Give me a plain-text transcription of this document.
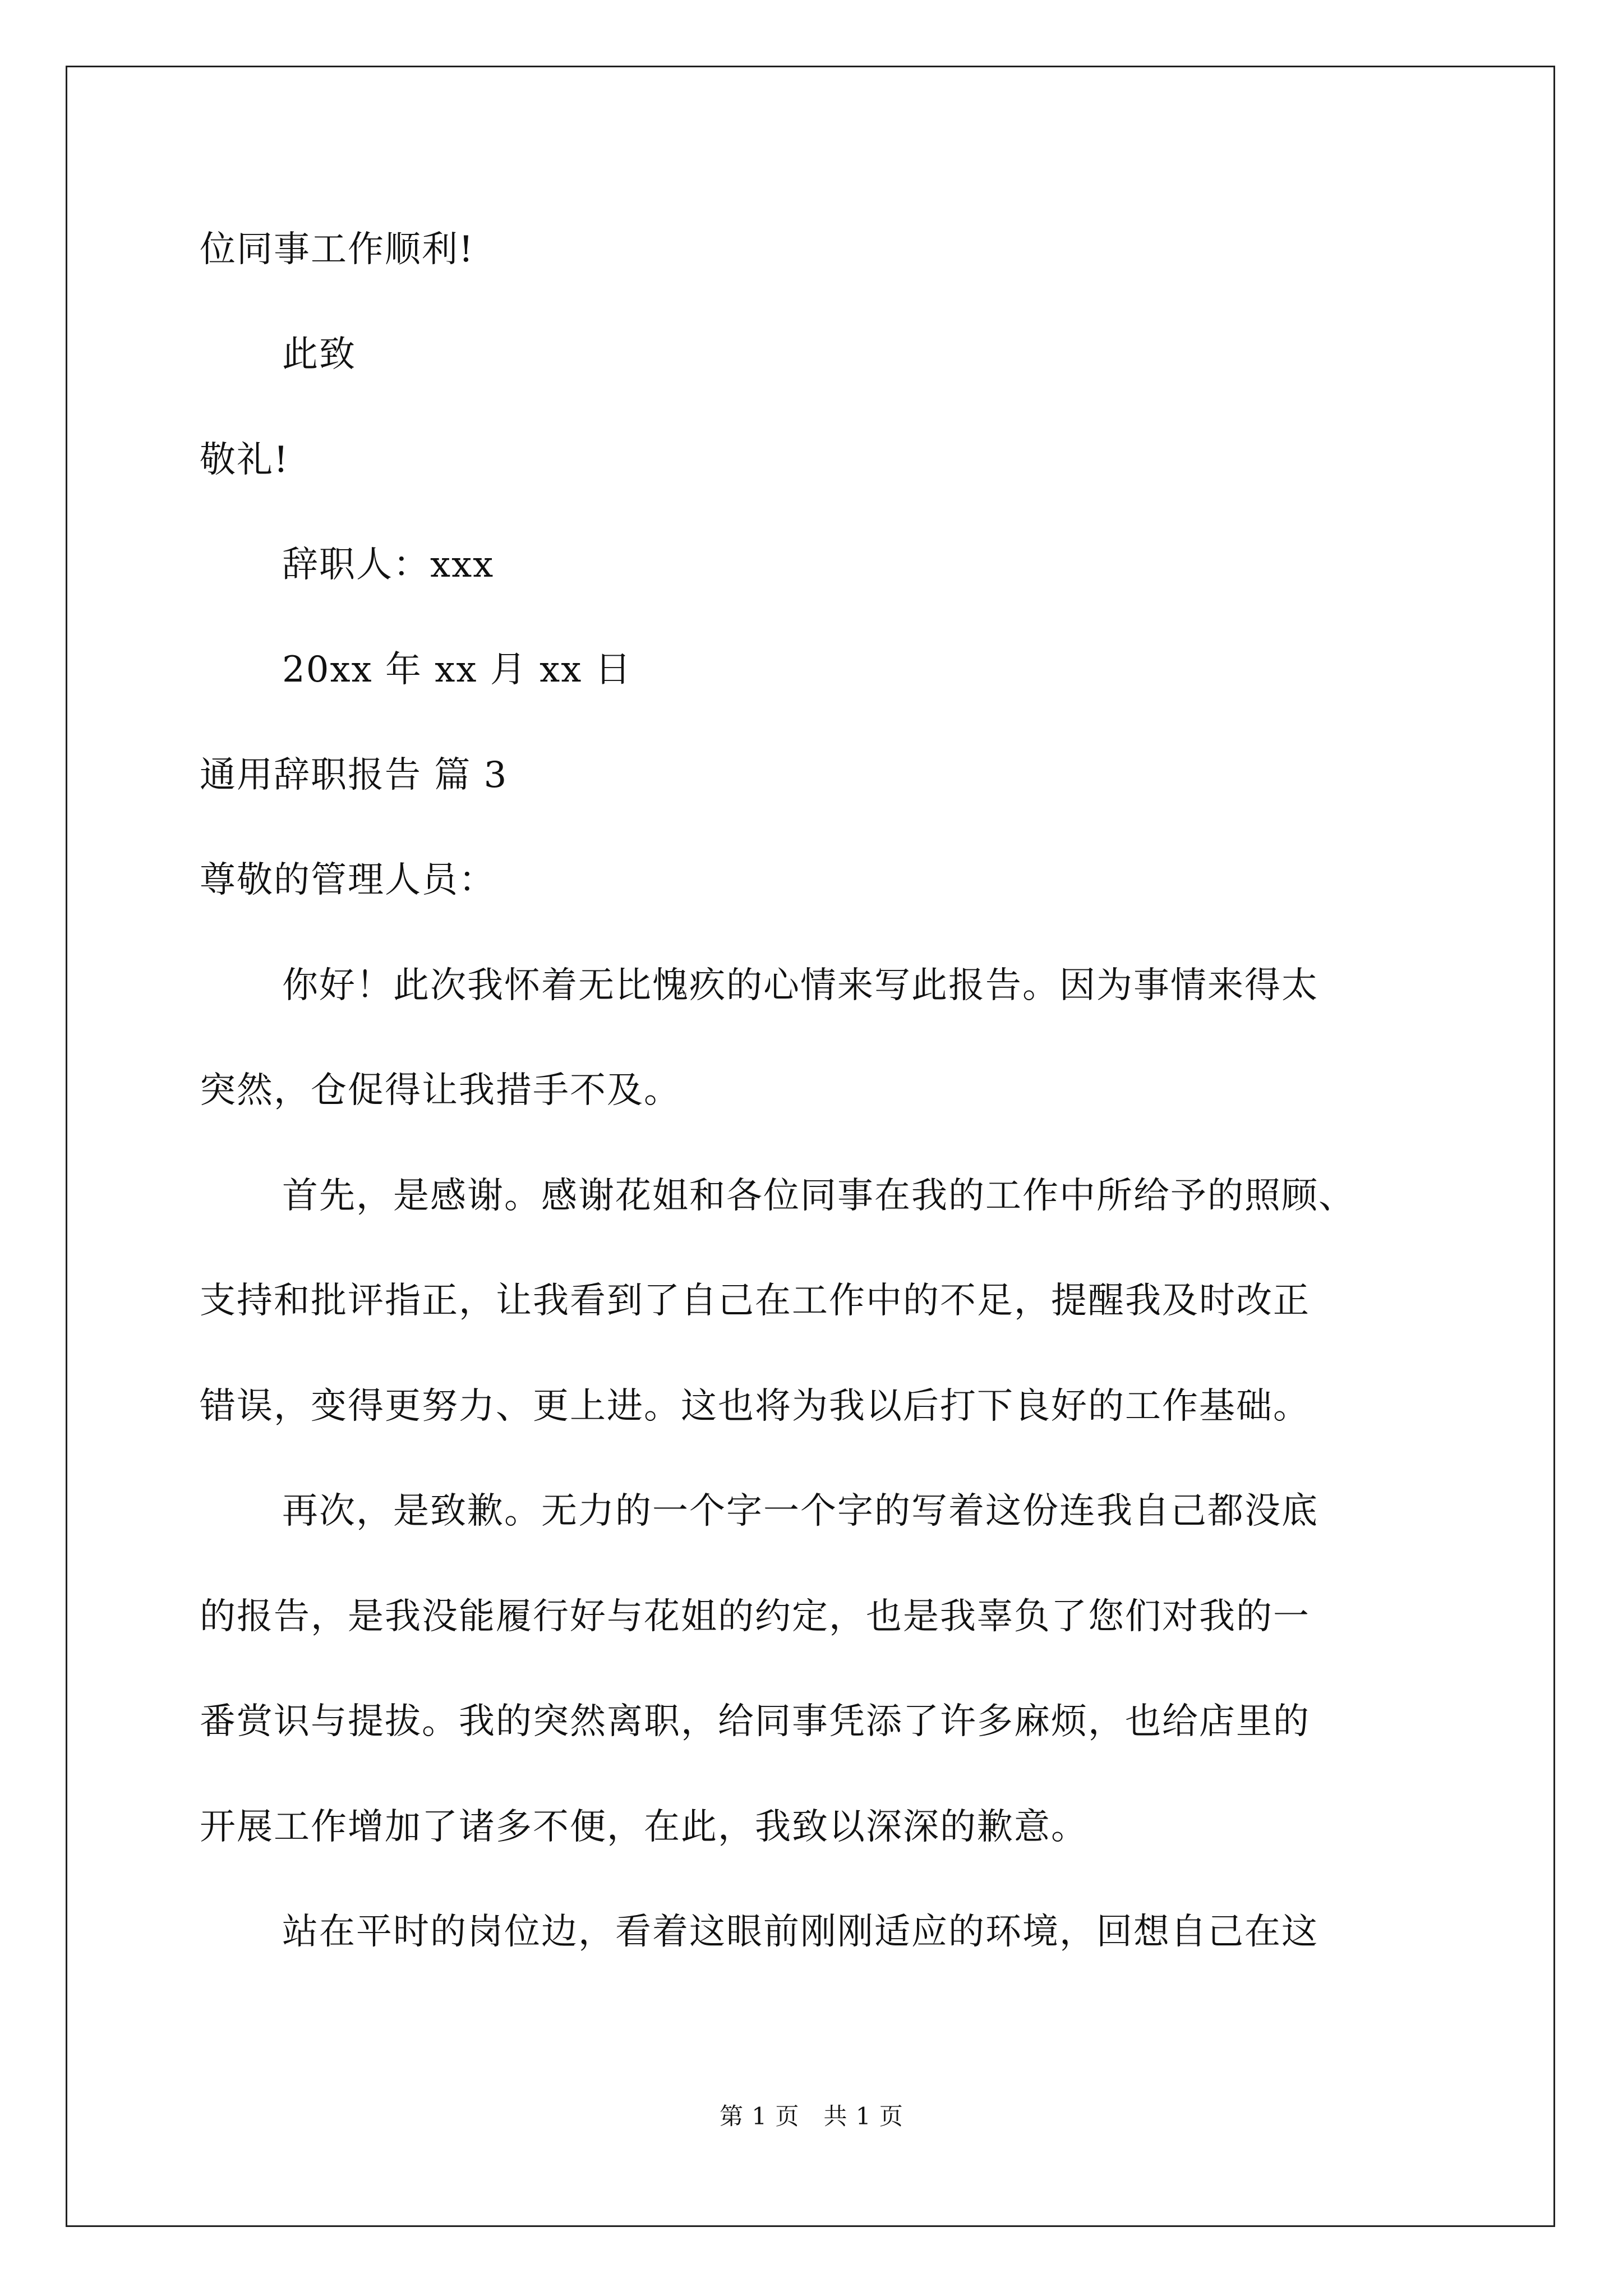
位同事工作顺利!
此致
敬礼!
辞职人：xxx
20xx 年 xx 月 xx 日
通用辞职报告 篇 3
尊敬的管理人员：
你好！此次我怀着无比愧疚的心情来写此报告。因为事情来得太
突然，仓促得让我措手不及。
首先，是感谢。感谢花姐和各位同事在我的工作中所给予的照顾、
支持和批评指正，让我看到了自己在工作中的不足，提醒我及时改正
错误，变得更努力、更上进。这也将为我以后打下良好的工作基础。
再次，是致歉。无力的一个字一个字的写着这份连我自己都没底
的报告，是我没能履行好与花姐的约定，也是我辜负了您们对我的一
番赏识与提拔。我的突然离职，给同事凭添了许多麻烦，也给店里的
开展工作增加了诸多不便，在此，我致以深深的歉意。
站在平时的岗位边，看着这眼前刚刚适应的环境，回想自己在这
第 1 页　共 1 页
